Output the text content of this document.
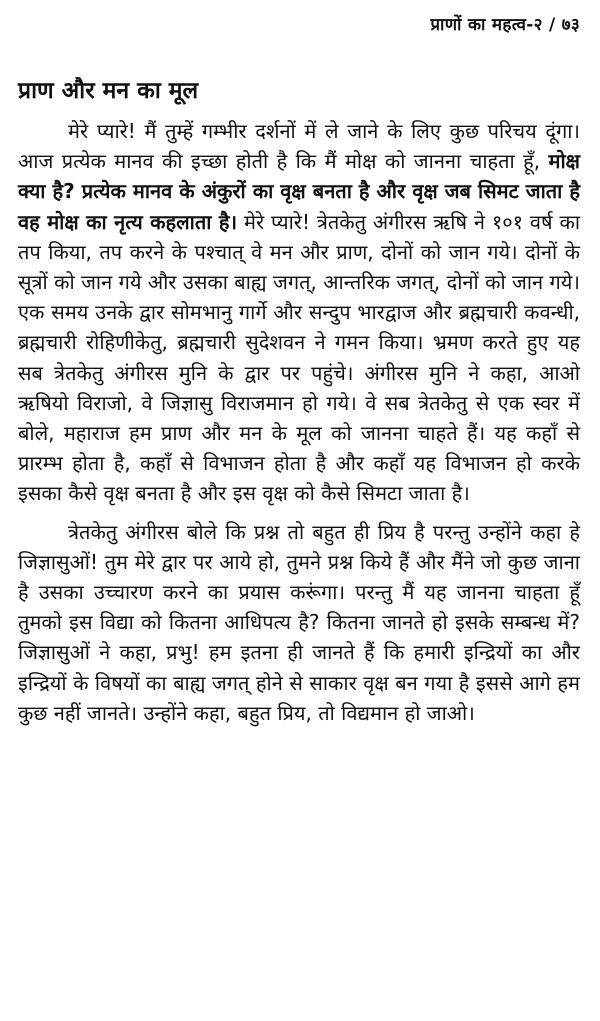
प्राणों का महत्व-२ / ७३
प्राण और मन का मूल

मेरे प्यारे! मैं तुम्हें गम्भीर दर्शनों में ले जाने के लिए कुछ परिचय दूंगा। आज प्रत्येक मानव की इच्छा होती है कि मैं मोक्ष को जानना चाहता हूँ, मोक्ष क्या है? प्रत्येक मानव के अंकुरों का वृक्ष बनता है और वृक्ष जब सिमट जाता है वह मोक्ष का नृत्य कहलाता है। मेरे प्यारे! त्रेतकेतु अंगीरस ऋषि ने १०१ वर्ष का तप किया, तप करने के पश्चात् वे मन और प्राण, दोनों को जान गये। दोनों के सूत्रों को जान गये और उसका बाह्य जगत्, आन्तरिक जगत्, दोनों को जान गये। एक समय उनके द्वार सोमभानु गार्गे और सन्दुप भारद्वाज और ब्रह्मचारी कवन्धी, ब्रह्मचारी रोहिणीकेतु, ब्रह्मचारी सुदेशवन ने गमन किया। भ्रमण करते हुए यह सब त्रेतकेतु अंगीरस मुनि के द्वार पर पहुंचे। अंगीरस मुनि ने कहा, आओ ऋषियो विराजो, वे जिज्ञासु विराजमान हो गये। वे सब त्रेतकेतु से एक स्वर में बोले, महाराज हम प्राण और मन के मूल को जानना चाहते हैं। यह कहाँ से प्रारम्भ होता है, कहाँ से विभाजन होता है और कहाँ यह विभाजन हो करके इसका कैसे वृक्ष बनता है और इस वृक्ष को कैसे सिमटा जाता है।

त्रेतकेतु अंगीरस बोले कि प्रश्न तो बहुत ही प्रिय है परन्तु उन्होंने कहा हे जिज्ञासुओं! तुम मेरे द्वार पर आये हो, तुमने प्रश्न किये हैं और मैंने जो कुछ जाना है उसका उच्चारण करने का प्रयास करूंगा। परन्तु मैं यह जानना चाहता हूँ तुमको इस विद्या को कितना आधिपत्य है? कितना जानते हो इसके सम्बन्ध में? जिज्ञासुओं ने कहा, प्रभु! हम इतना ही जानते हैं कि हमारी इन्द्रियों का और इन्द्रियों के विषयों का बाह्य जगत् होने से साकार वृक्ष बन गया है इससे आगे हम कुछ नहीं जानते। उन्होंने कहा, बहुत प्रिय, तो विद्यमान हो जाओ।
